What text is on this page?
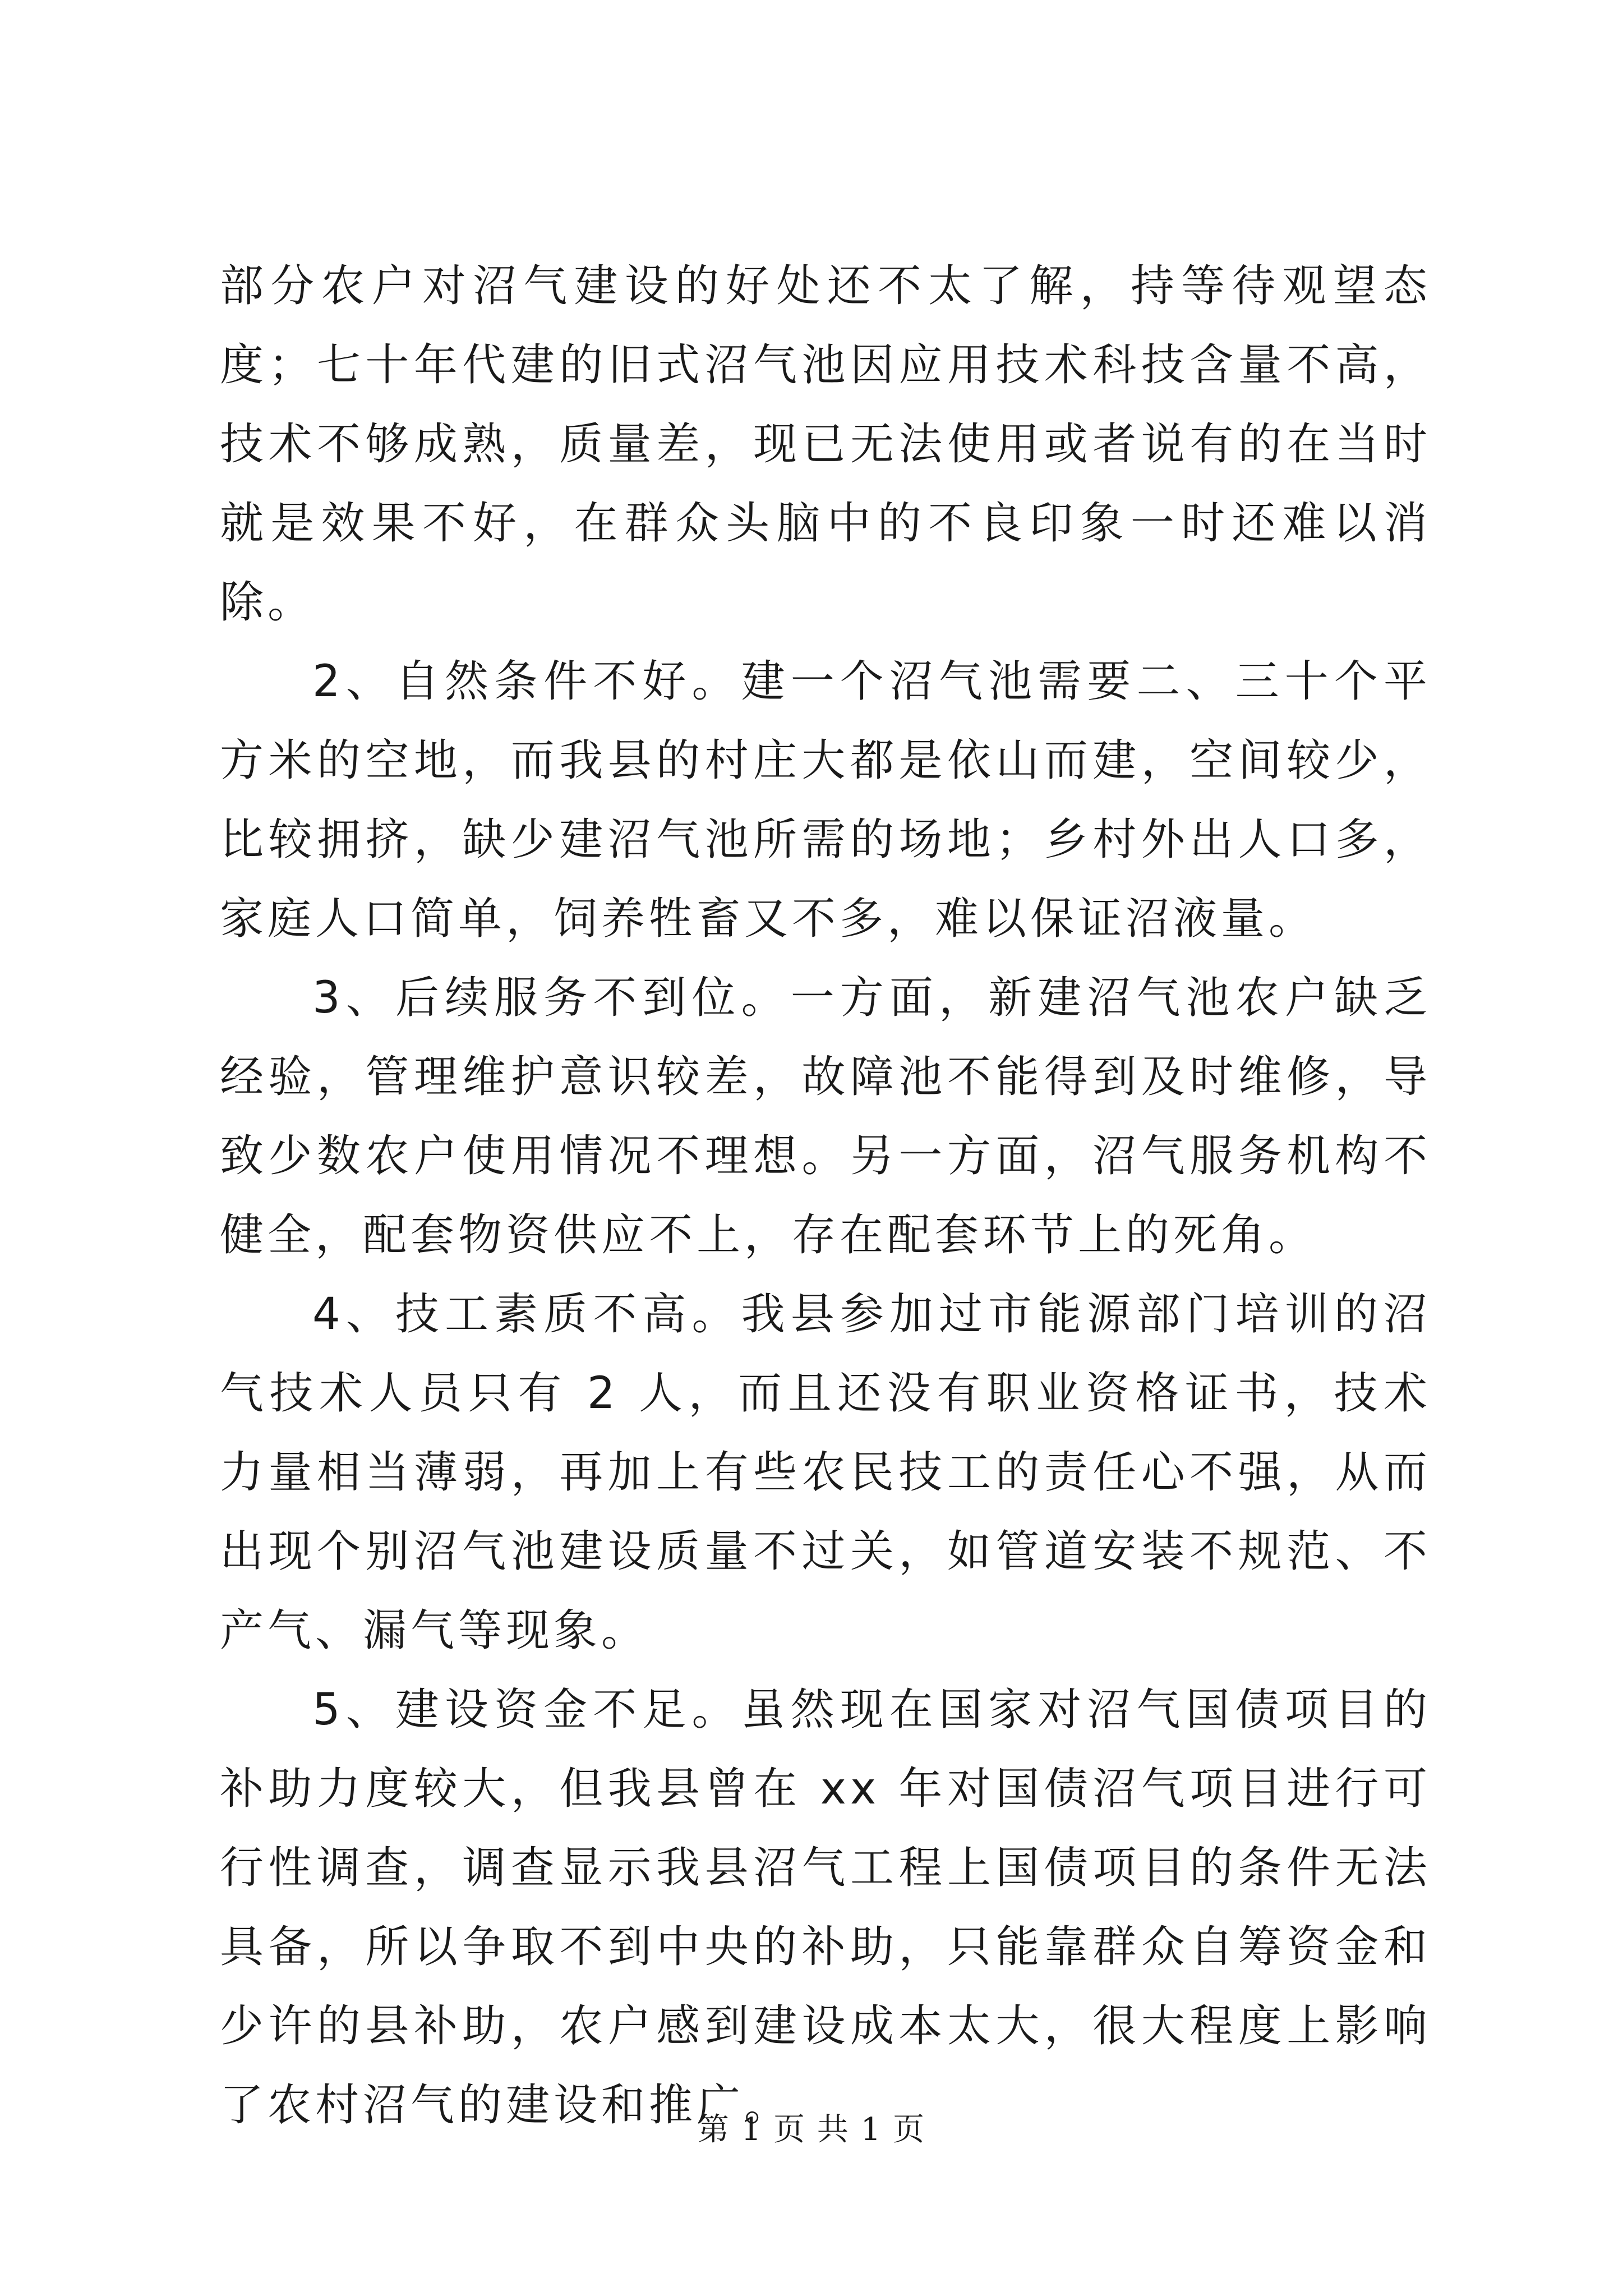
部分农户对沼气建设的好处还不太了解，持等待观望态度；七十年代建的旧式沼气池因应用技术科技含量不高，技术不够成熟，质量差，现已无法使用或者说有的在当时就是效果不好，在群众头脑中的不良印象一时还难以消除。

2、自然条件不好。建一个沼气池需要二、三十个平方米的空地，而我县的村庄大都是依山而建，空间较少，比较拥挤，缺少建沼气池所需的场地；乡村外出人口多，家庭人口简单，饲养牲畜又不多，难以保证沼液量。

3、后续服务不到位。一方面，新建沼气池农户缺乏经验，管理维护意识较差，故障池不能得到及时维修，导致少数农户使用情况不理想。另一方面，沼气服务机构不健全，配套物资供应不上，存在配套环节上的死角。

4、技工素质不高。我县参加过市能源部门培训的沼气技术人员只有 2 人，而且还没有职业资格证书，技术力量相当薄弱，再加上有些农民技工的责任心不强，从而出现个别沼气池建设质量不过关，如管道安装不规范、不产气、漏气等现象。

5、建设资金不足。虽然现在国家对沼气国债项目的补助力度较大，但我县曾在 xx 年对国债沼气项目进行可行性调查，调查显示我县沼气工程上国债项目的条件无法具备，所以争取不到中央的补助，只能靠群众自筹资金和少许的县补助，农户感到建设成本太大，很大程度上影响了农村沼气的建设和推广。

第 1 页 共 1 页
